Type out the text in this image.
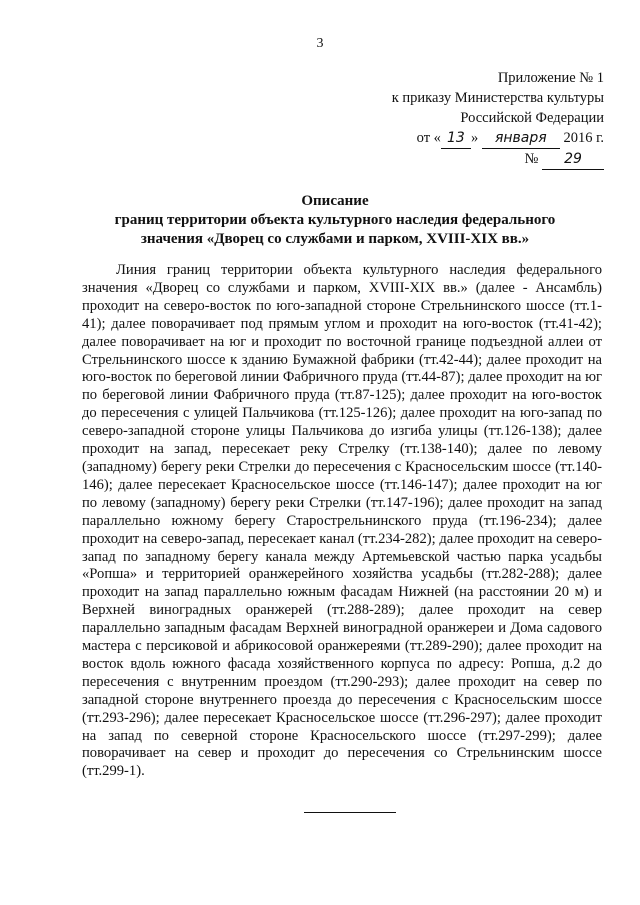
3
Приложение № 1
к приказу Министерства культуры
Российской Федерации
от « 13 » января 2016 г.
№ 29
Описание
границ территории объекта культурного наследия федерального
значения «Дворец со службами и парком, XVIII-XIX вв.»

Линия границ территории объекта культурного наследия федерального значения «Дворец со службами и парком, XVIII-XIX вв.» (далее - Ансамбль) проходит на северо-восток по юго-западной стороне Стрельнинского шоссе (тт.1-41); далее поворачивает под прямым углом и проходит на юго-восток (тт.41-42); далее поворачивает на юг и проходит по восточной границе подъездной аллеи от Стрельнинского шоссе к зданию Бумажной фабрики (тт.42-44); далее проходит на юго-восток по береговой линии Фабричного пруда (тт.44-87); далее проходит на юг по береговой линии Фабричного пруда (тт.87-125); далее проходит на юго-восток до пересечения с улицей Пальчикова (тт.125-126); далее проходит на юго-запад по северо-западной стороне улицы Пальчикова до изгиба улицы (тт.126-138); далее проходит на запад, пересекает реку Стрелку (тт.138-140); далее по левому (западному) берегу реки Стрелки до пересечения с Красносельским шоссе (тт.140-146); далее пересекает Красносельское шоссе (тт.146-147); далее проходит на юг по левому (западному) берегу реки Стрелки (тт.147-196); далее проходит на запад параллельно южному берегу Старострельнинского пруда (тт.196-234); далее проходит на северо-запад, пересекает канал (тт.234-282); далее проходит на северо-запад по западному берегу канала между Артемьевской частью парка усадьбы «Ропша» и территорией оранжерейного хозяйства усадьбы (тт.282-288); далее проходит на запад параллельно южным фасадам Нижней (на расстоянии 20 м) и Верхней виноградных оранжерей (тт.288-289); далее проходит на север параллельно западным фасадам Верхней виноградной оранжереи и Дома садового мастера с персиковой и абрикосовой оранжереями (тт.289-290); далее проходит на восток вдоль южного фасада хозяйственного корпуса по адресу: Ропша, д.2 до пересечения с внутренним проездом (тт.290-293); далее проходит на север по западной стороне внутреннего проезда до пересечения с Красносельским шоссе (тт.293-296); далее пересекает Красносельское шоссе (тт.296-297); далее проходит на запад по северной стороне Красносельского шоссе (тт.297-299); далее поворачивает на север и проходит до пересечения со Стрельнинским шоссе (тт.299-1).
